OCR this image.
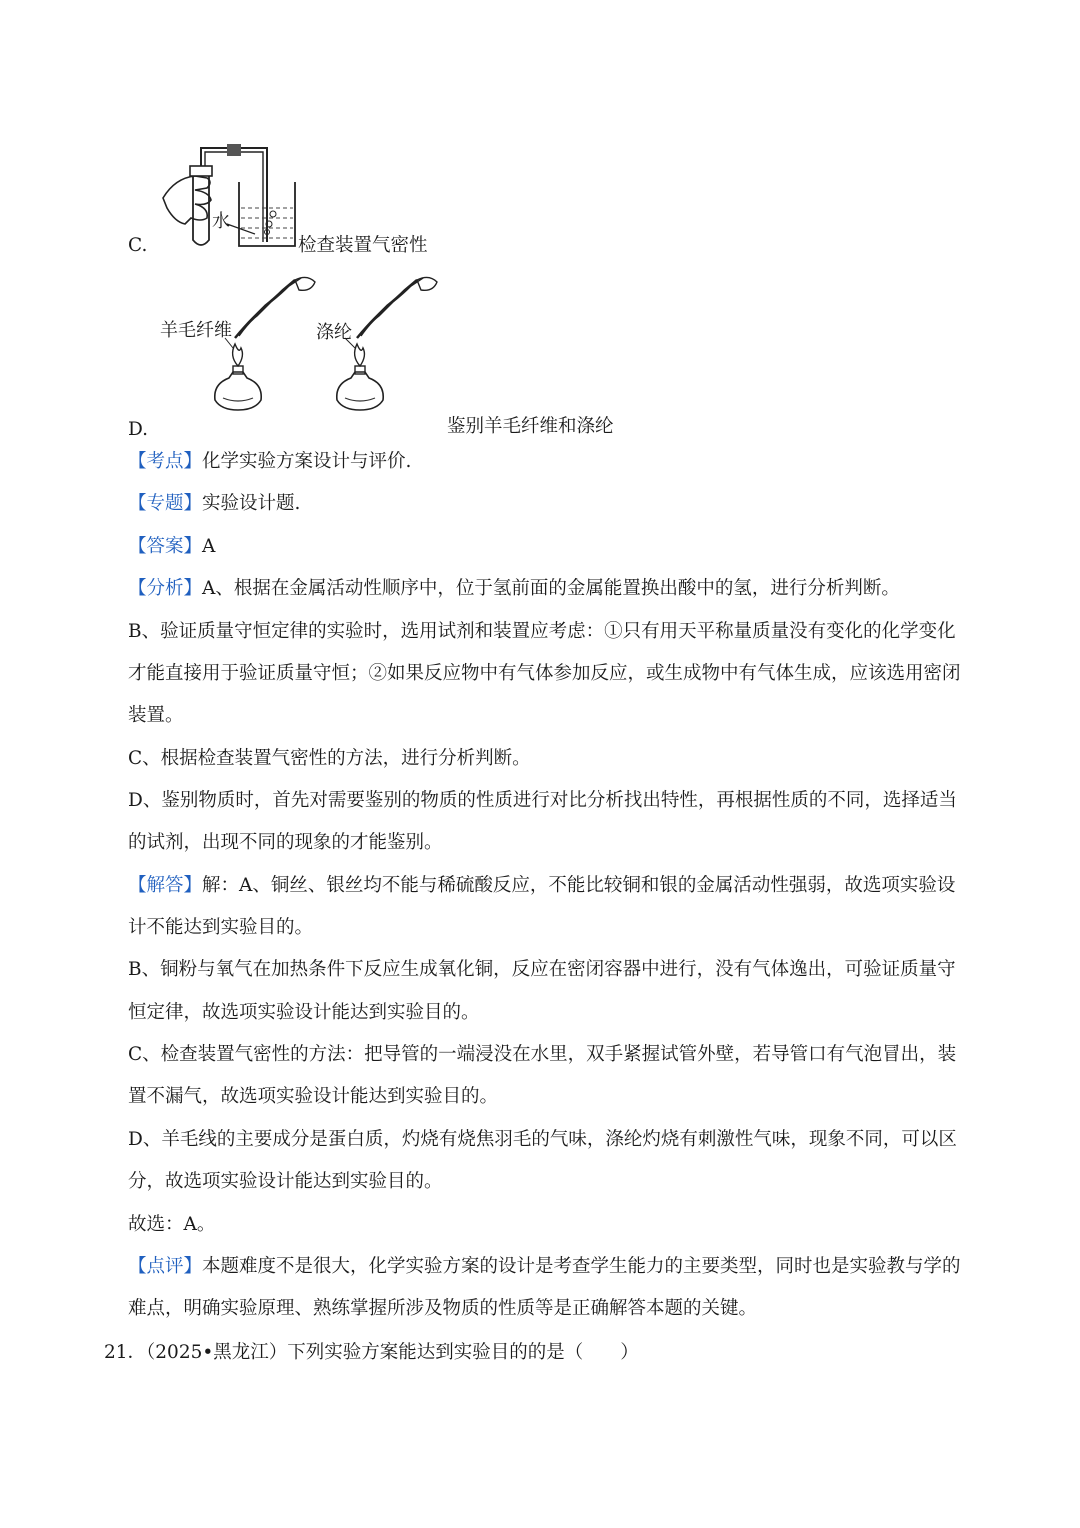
C.
水
检查装置气密性
D.
羊毛纤维	涤纶
鉴别羊毛纤维和涤纶
【考点】化学实验方案设计与评价.
【专题】实验设计题.
【答案】A
【分析】A、根据在金属活动性顺序中，位于氢前面的金属能置换出酸中的氢，进行分析判断。
B、验证质量守恒定律的实验时，选用试剂和装置应考虑：①只有用天平称量质量没有变化的化学变化
才能直接用于验证质量守恒；②如果反应物中有气体参加反应，或生成物中有气体生成，应该选用密闭
装置。
C、根据检查装置气密性的方法，进行分析判断。
D、鉴别物质时，首先对需要鉴别的物质的性质进行对比分析找出特性，再根据性质的不同，选择适当
的试剂，出现不同的现象的才能鉴别。
【解答】解：A、铜丝、银丝均不能与稀硫酸反应，不能比较铜和银的金属活动性强弱，故选项实验设
计不能达到实验目的。
B、铜粉与氧气在加热条件下反应生成氧化铜，反应在密闭容器中进行，没有气体逸出，可验证质量守
恒定律，故选项实验设计能达到实验目的。
C、检查装置气密性的方法：把导管的一端浸没在水里，双手紧握试管外壁，若导管口有气泡冒出，装
置不漏气，故选项实验设计能达到实验目的。
D、羊毛线的主要成分是蛋白质，灼烧有烧焦羽毛的气味，涤纶灼烧有刺激性气味，现象不同，可以区
分，故选项实验设计能达到实验目的。
故选：A。
【点评】本题难度不是很大，化学实验方案的设计是考查学生能力的主要类型，同时也是实验教与学的
难点，明确实验原理、熟练掌握所涉及物质的性质等是正确解答本题的关键。
21．（2025•黑龙江）下列实验方案能达到实验目的的是（　　）
